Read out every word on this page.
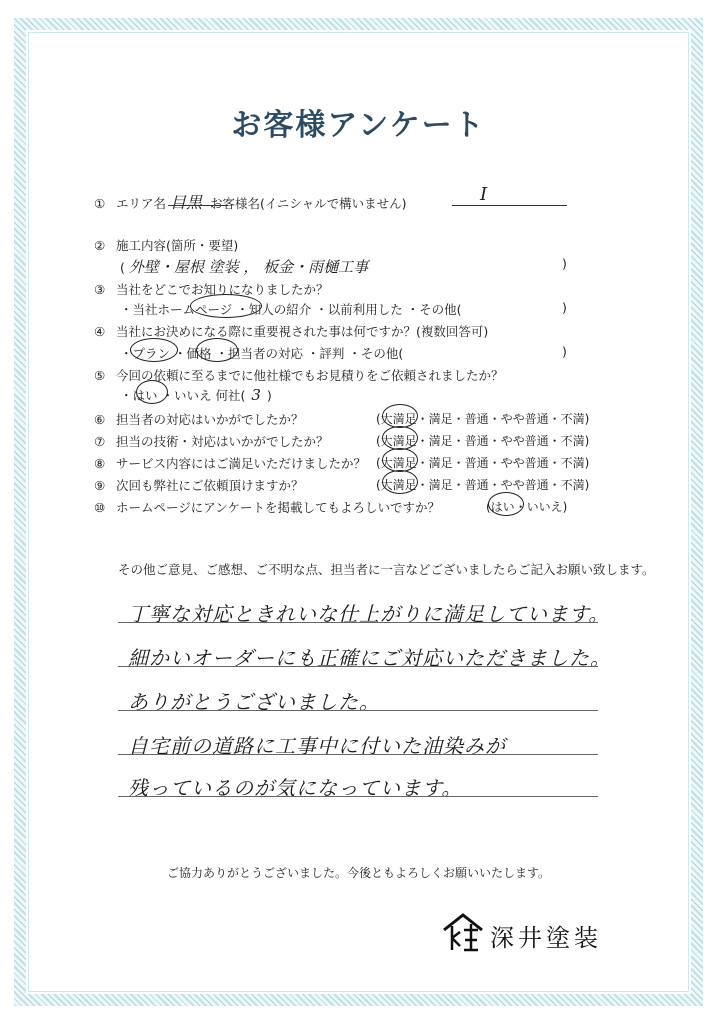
お客様アンケート
① エリア名 目黒 お客様名(イニシャルで構いません)	I
② 施工内容(箇所・要望)
( 外壁・屋根 塗装 ， 板金・雨樋工事	)
③ 当社をどこでお知りになりましたか？
・当社ホームページ ・知人の紹介 ・以前利用した ・その他(	)
④ 当社にお決めになる際に重要視された事は何ですか？(複数回答可)
・プラン ・価格 ・担当者の対応 ・評判 ・その他(	)
⑤ 今回の依頼に至るまでに他社様でもお見積りをご依頼されましたか？
・はい ・いいえ 何社( 3 )
⑥ 担当者の対応はいかがでしたか？	(大満足・満足・普通・やや普通・不満)
⑦ 担当の技術・対応はいかがでしたか？	(大満足・満足・普通・やや普通・不満)
⑧ サービス内容にはご満足いただけましたか？ (大満足・満足・普通・やや普通・不満)
⑨ 次回も弊社にご依頼頂けますか？	(大満足・満足・普通・やや普通・不満)
⑩ ホームページにアンケートを掲載してもよろしいですか？	(はい・いいえ)
その他ご意見、ご感想、ご不明な点、担当者に一言などございましたらご記入お願い致します。
丁寧な対応ときれいな仕上がりに満足しています。
細かいオーダーにも正確にご対応いただきました。
ありがとうございました。
自宅前の道路に工事中に付いた油染みが
残っているのが気になっています。
ご協力ありがとうございました。今後ともよろしくお願いいたします。
深井塗装
